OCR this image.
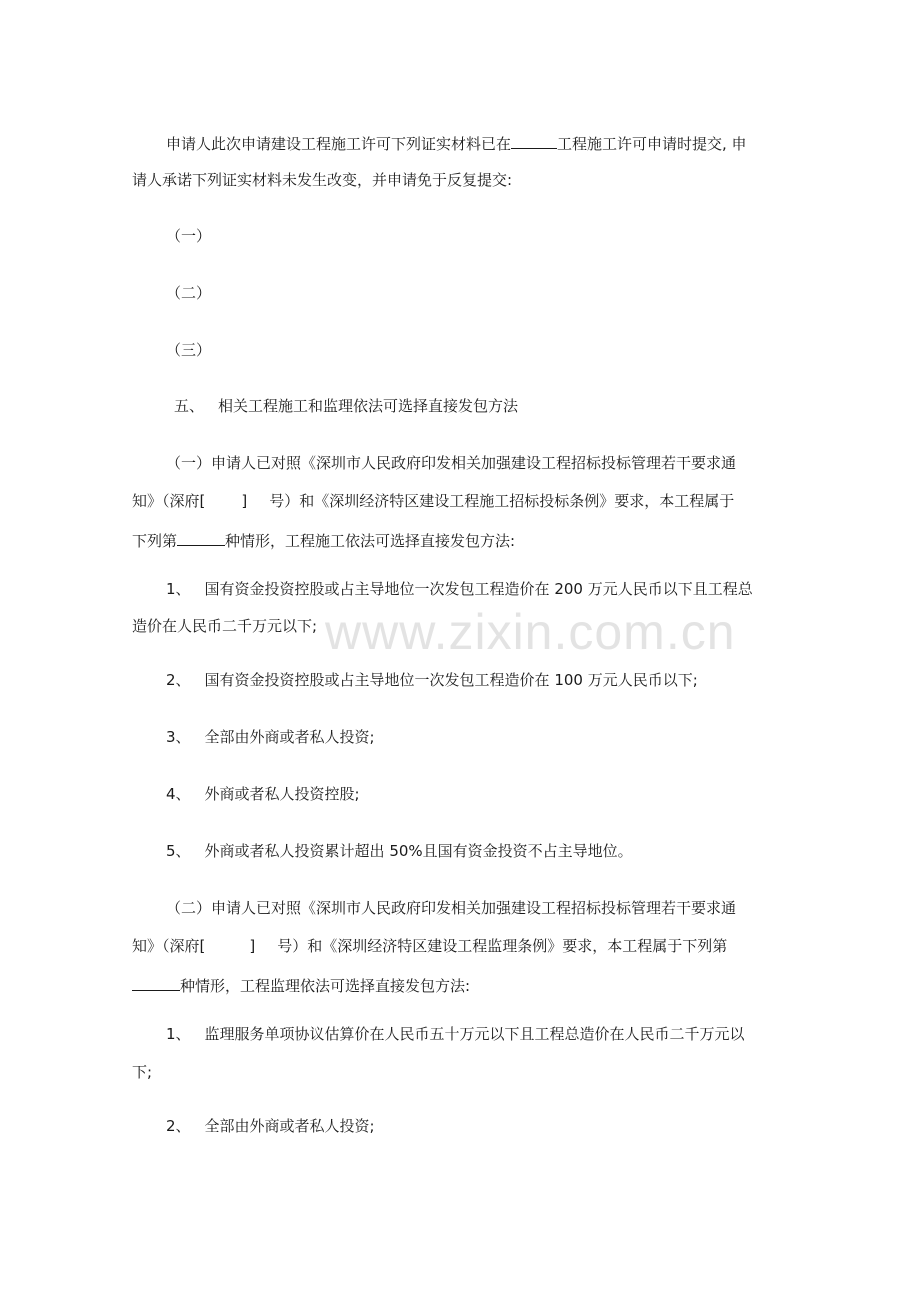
www.zixin.com.cn
申请人此次申请建设工程施工许可下列证实材料已在	工程施工许可申请时提交, 申
请人承诺下列证实材料未发生改变，并申请免于反复提交:
（一）
（二）
（三）
五、 相关工程施工和监理依法可选择直接发包方法
（一）申请人已对照《深圳市人民政府印发相关加强建设工程招标投标管理若干要求通
知》（深府[ ] 号）和《深圳经济特区建设工程施工招标投标条例》要求，本工程属于
下列第	种情形，工程施工依法可选择直接发包方法:
1、 国有资金投资控股或占主导地位一次发包工程造价在 200 万元人民币以下且工程总
造价在人民币二千万元以下;
2、 国有资金投资控股或占主导地位一次发包工程造价在 100 万元人民币以下;
3、 全部由外商或者私人投资;
4、 外商或者私人投资控股;
5、 外商或者私人投资累计超出 50%且国有资金投资不占主导地位。
（二）申请人已对照《深圳市人民政府印发相关加强建设工程招标投标管理若干要求通
知》（深府[	] 号）和《深圳经济特区建设工程监理条例》要求，本工程属于下列第
种情形，工程监理依法可选择直接发包方法:
1、 监理服务单项协议估算价在人民币五十万元以下且工程总造价在人民币二千万元以
下;
2、 全部由外商或者私人投资;
